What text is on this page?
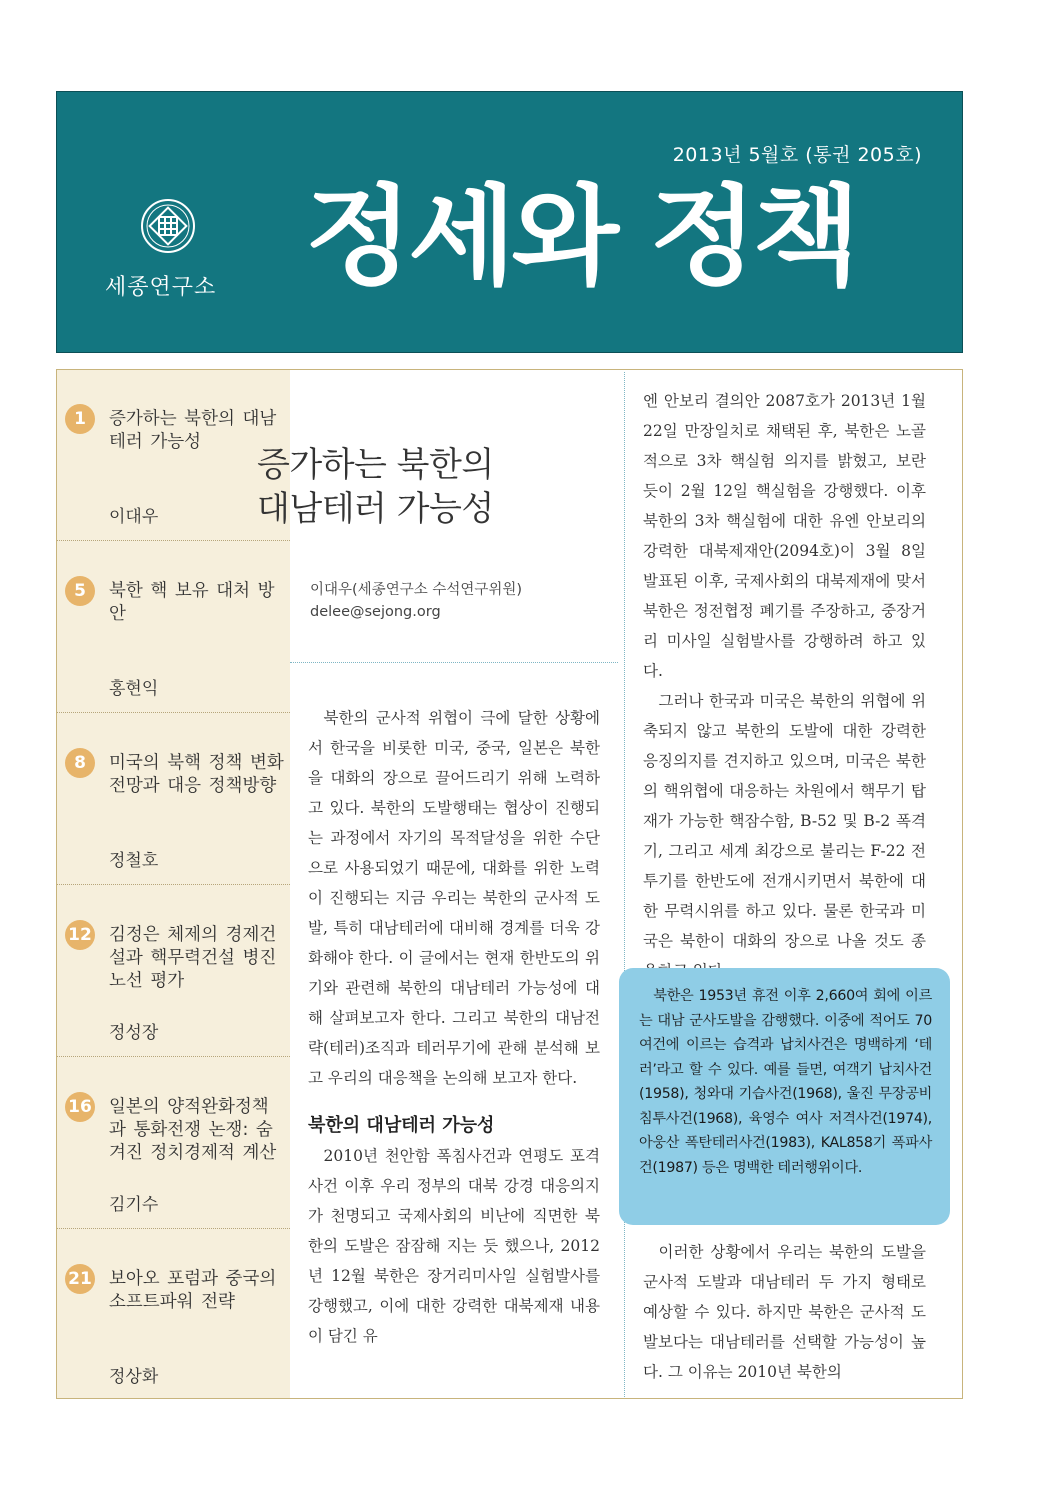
2013년 5월호 (통권 205호)
세종연구소 정세와 정책
1	증가하는 북한의 대남테러 가능성
이대우
5	북한 핵 보유 대처 방안
홍현익
8	미국의 북핵 정책 변화 전망과 대응 정책방향
정철호
12 김정은 체제의 경제건설과 핵무력건설 병진노선 평가
정성장
16 일본의 양적완화정책과 통화전쟁 논쟁: 숨겨진 정치경제적 계산
김기수
21 보아오 포럼과 중국의 소프트파워 전략
정상화
증가하는 북한의
대남테러 가능성
이대우(세종연구소 수석연구위원)
delee@sejong.org

북한의 군사적 위협이 극에 달한 상황에서 한국을 비롯한 미국, 중국, 일본은 북한을 대화의 장으로 끌어드리기 위해 노력하고 있다. 북한의 도발행태는 협상이 진행되는 과정에서 자기의 목적달성을 위한 수단으로 사용되었기 때문에, 대화를 위한 노력이 진행되는 지금 우리는 북한의 군사적 도발, 특히 대남테러에 대비해 경계를 더욱 강화해야 한다. 이 글에서는 현재 한반도의 위기와 관련해 북한의 대남테러 가능성에 대해 살펴보고자 한다. 그리고 북한의 대남전략(테러)조직과 테러무기에 관해 분석해 보고 우리의 대응책을 논의해 보고자 한다.

북한의 대남테러 가능성

2010년 천안함 폭침사건과 연평도 포격사건 이후 우리 정부의 대북 강경 대응의지가 천명되고 국제사회의 비난에 직면한 북한의 도발은 잠잠해 지는 듯 했으나, 2012년 12월 북한은 장거리미사일 실험발사를 강행했고, 이에 대한 강력한 대북제재 내용이 담긴 유

엔 안보리 결의안 2087호가 2013년 1월 22일 만장일치로 채택된 후, 북한은 노골적으로 3차 핵실험 의지를 밝혔고, 보란 듯이 2월 12일 핵실험을 강행했다. 이후 북한의 3차 핵실험에 대한 유엔 안보리의 강력한 대북제재안(2094호)이 3월 8일 발표된 이후, 국제사회의 대북제재에 맞서 북한은 정전협정 폐기를 주장하고, 중장거리 미사일 실험발사를 강행하려 하고 있다.

그러나 한국과 미국은 북한의 위협에 위축되지 않고 북한의 도발에 대한 강력한 응징의지를 견지하고 있으며, 미국은 북한의 핵위협에 대응하는 차원에서 핵무기 탑재가 가능한 핵잠수함, B-52 및 B-2 폭격기, 그리고 세계 최강으로 불리는 F-22 전투기를 한반도에 전개시키면서 북한에 대한 무력시위를 하고 있다. 물론 한국과 미국은 북한이 대화의 장으로 나올 것도 종

북한은 1953년 휴전 이후 2,660여 회에 이르는 대남 군사도발을 감행했다. 이중에 적어도 70여건에 이르는 습격과 납치사건은 명백하게 ‘테러’라고 할 수 있다. 예를 들면, 여객기 납치사건(1958), 청와대 기습사건(1968), 울진 무장공비 침투사건(1968), 육영수 여사 저격사건(1974), 아웅산 폭탄테러사건(1983), KAL858기 폭파사건(1987) 등은 명백한 테러행위이다.

이러한 상황에서 우리는 북한의 도발을 군사적 도발과 대남테러 두 가지 형태로 예상할 수 있다. 하지만 북한은 군사적 도발보다는 대남테러를 선택할 가능성이 높다. 그 이유는 2010년 북한의
